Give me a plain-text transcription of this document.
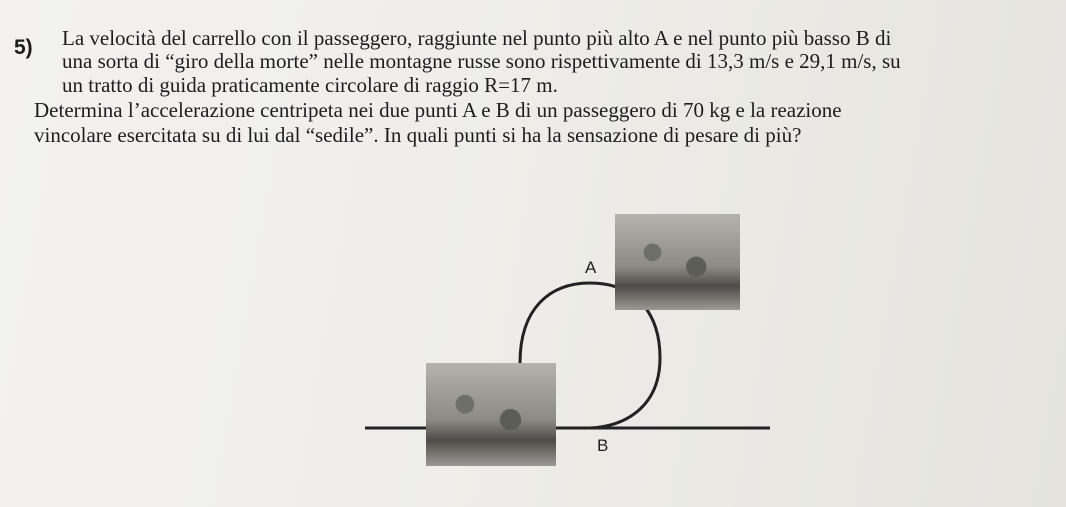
5) La velocità del carrello con il passeggero, raggiunte nel punto più alto A e nel punto più basso B di
una sorta di “giro della morte” nelle montagne russe sono rispettivamente di 13,3 m/s e 29,1 m/s, su
un tratto di guida praticamente circolare di raggio R=17 m.
Determina l’accelerazione centripeta nei due punti A e B di un passeggero di 70 kg e la reazione
vincolare esercitata su di lui dal “sedile”. In quali punti si ha la sensazione di pesare di più?
A
B
